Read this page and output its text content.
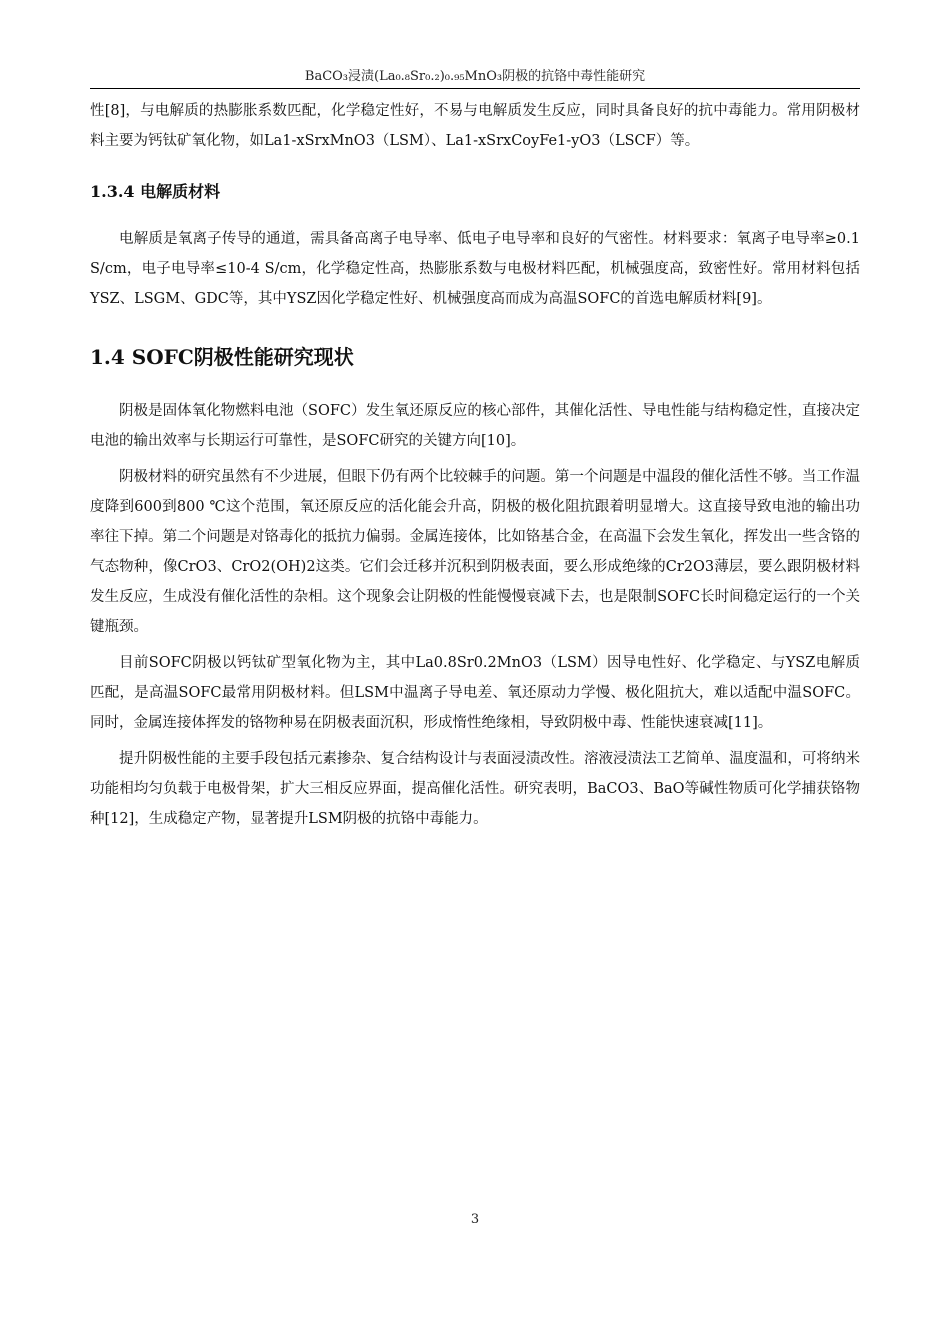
BaCO₃浸渍(La₀.₈Sr₀.₂)₀.₉₅MnO₃阴极的抗铬中毒性能研究

性[8]，与电解质的热膨胀系数匹配，化学稳定性好，不易与电解质发生反应，同时具备良好的抗中毒能力。常用阴极材料主要为钙钛矿氧化物，如La1-xSrxMnO3（LSM）、La1-xSrxCoyFe1-yO3（LSCF）等。

1.3.4 电解质材料

电解质是氧离子传导的通道，需具备高离子电导率、低电子电导率和良好的气密性。材料要求：氧离子电导率≥0.1 S/cm，电子电导率≤10-4 S/cm，化学稳定性高，热膨胀系数与电极材料匹配，机械强度高，致密性好。常用材料包括YSZ、LSGM、GDC等，其中YSZ因化学稳定性好、机械强度高而成为高温SOFC的首选电解质材料[9]。

1.4 SOFC阴极性能研究现状

阴极是固体氧化物燃料电池（SOFC）发生氧还原反应的核心部件，其催化活性、导电性能与结构稳定性，直接决定电池的输出效率与长期运行可靠性，是SOFC研究的关键方向[10]。

阴极材料的研究虽然有不少进展，但眼下仍有两个比较棘手的问题。第一个问题是中温段的催化活性不够。当工作温度降到600到800 ℃这个范围，氧还原反应的活化能会升高，阴极的极化阻抗跟着明显增大。这直接导致电池的输出功率往下掉。第二个问题是对铬毒化的抵抗力偏弱。金属连接体，比如铬基合金，在高温下会发生氧化，挥发出一些含铬的气态物种，像CrO3、CrO2(OH)2这类。它们会迁移并沉积到阴极表面，要么形成绝缘的Cr2O3薄层，要么跟阴极材料发生反应，生成没有催化活性的杂相。这个现象会让阴极的性能慢慢衰减下去，也是限制SOFC长时间稳定运行的一个关键瓶颈。

目前SOFC阴极以钙钛矿型氧化物为主，其中La0.8Sr0.2MnO3（LSM）因导电性好、化学稳定、与YSZ电解质匹配，是高温SOFC最常用阴极材料。但LSM中温离子导电差、氧还原动力学慢、极化阻抗大，难以适配中温SOFC。同时，金属连接体挥发的铬物种易在阴极表面沉积，形成惰性绝缘相，导致阴极中毒、性能快速衰减[11]。

提升阴极性能的主要手段包括元素掺杂、复合结构设计与表面浸渍改性。溶液浸渍法工艺简单、温度温和，可将纳米功能相均匀负载于电极骨架，扩大三相反应界面，提高催化活性。研究表明，BaCO3、BaO等碱性物质可化学捕获铬物种[12]，生成稳定产物，显著提升LSM阴极的抗铬中毒能力。

3
